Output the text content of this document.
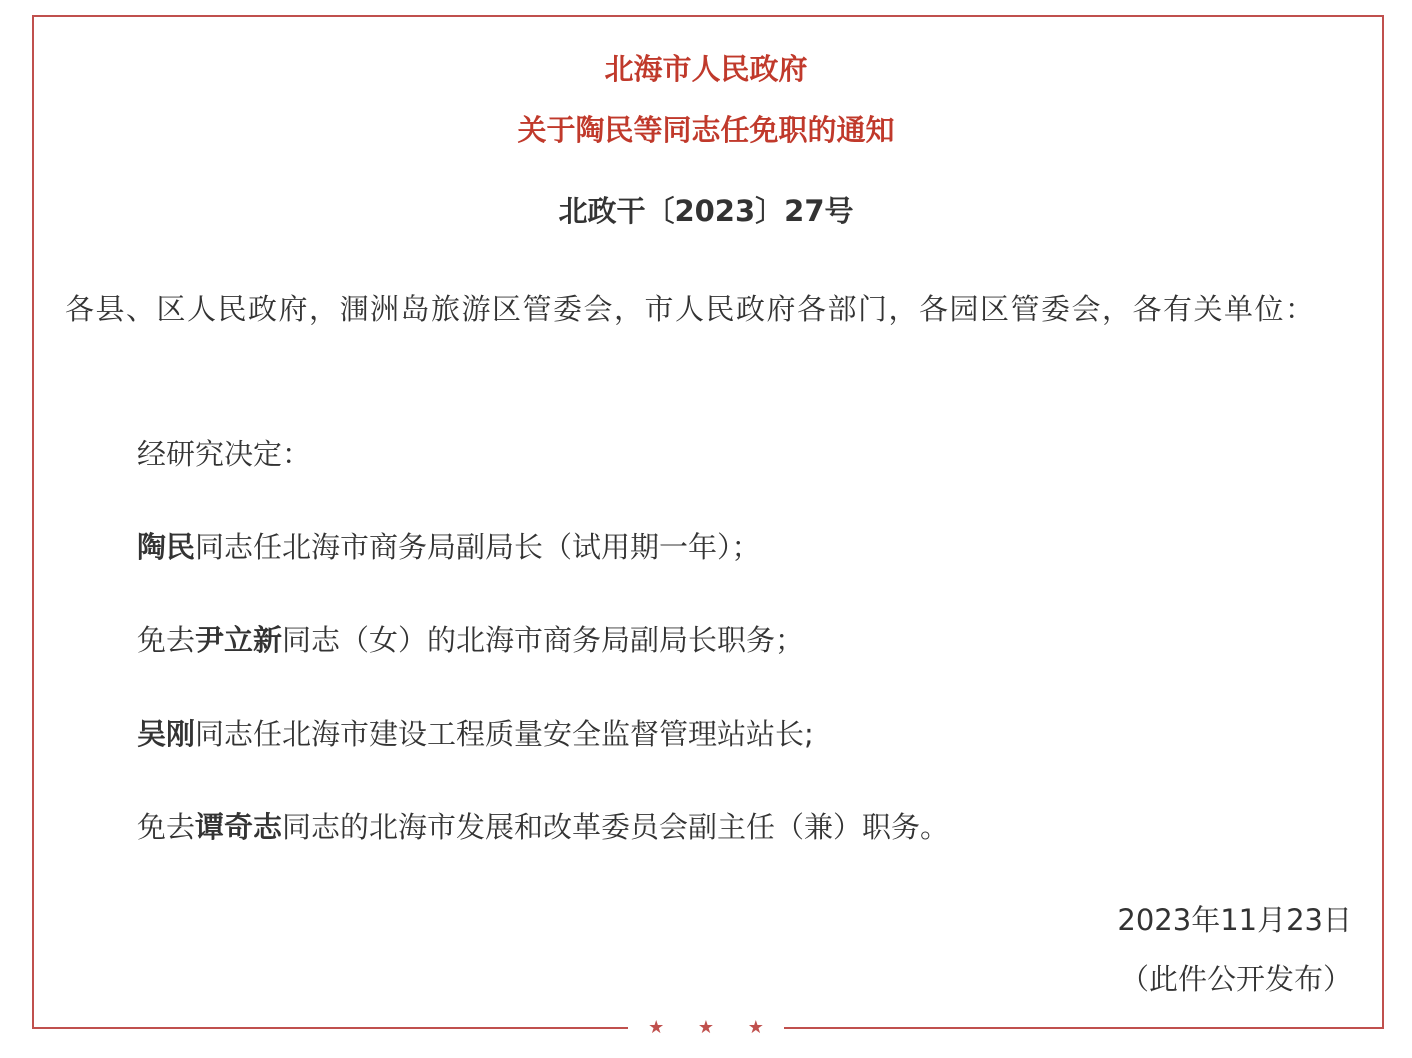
北海市人民政府
关于陶民等同志任免职的通知
北政干〔2023〕27号

各县、区人民政府，涠洲岛旅游区管委会，市人民政府各部门，各园区管委会，各有关单位：

经研究决定：

陶民同志任北海市商务局副局长（试用期一年）；

免去尹立新同志（女）的北海市商务局副局长职务；

吴刚同志任北海市建设工程质量安全监督管理站站长;

免去谭奇志同志的北海市发展和改革委员会副主任（兼）职务。

2023年11月23日

（此件公开发布）

★ ★ ★
